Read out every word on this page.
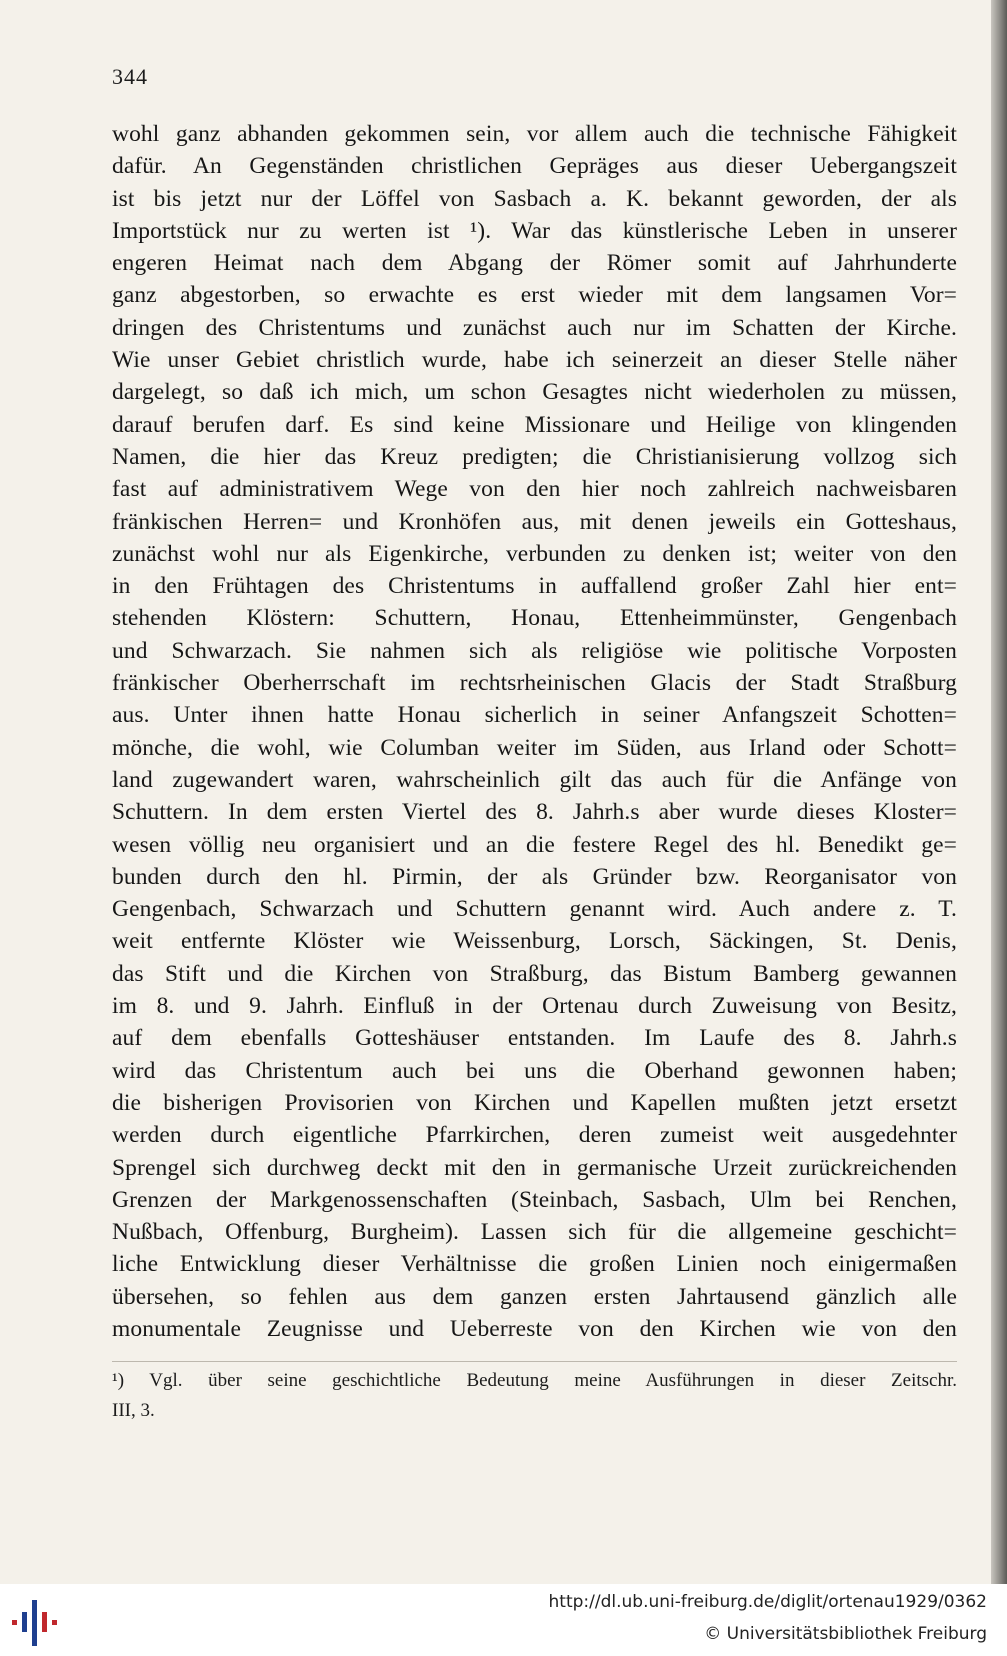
344
wohl ganz abhanden gekommen sein, vor allem auch die technische Fähigkeit
dafür. An Gegenständen christlichen Gepräges aus dieser Uebergangszeit
ist bis jetzt nur der Löffel von Sasbach a. K. bekannt geworden, der als
Importstück nur zu werten ist ¹). War das künstlerische Leben in unserer
engeren Heimat nach dem Abgang der Römer somit auf Jahrhunderte
ganz abgestorben, so erwachte es erst wieder mit dem langsamen Vor=
dringen des Christentums und zunächst auch nur im Schatten der Kirche.
Wie unser Gebiet christlich wurde, habe ich seinerzeit an dieser Stelle näher
dargelegt, so daß ich mich, um schon Gesagtes nicht wiederholen zu müssen,
darauf berufen darf. Es sind keine Missionare und Heilige von klingenden
Namen, die hier das Kreuz predigten; die Christianisierung vollzog sich
fast auf administrativem Wege von den hier noch zahlreich nachweisbaren
fränkischen Herren= und Kronhöfen aus, mit denen jeweils ein Gotteshaus,
zunächst wohl nur als Eigenkirche, verbunden zu denken ist; weiter von den
in den Frühtagen des Christentums in auffallend großer Zahl hier ent=
stehenden Klöstern: Schuttern, Honau, Ettenheimmünster, Gengenbach
und Schwarzach. Sie nahmen sich als religiöse wie politische Vorposten
fränkischer Oberherrschaft im rechtsrheinischen Glacis der Stadt Straßburg
aus. Unter ihnen hatte Honau sicherlich in seiner Anfangszeit Schotten=
mönche, die wohl, wie Columban weiter im Süden, aus Irland oder Schott=
land zugewandert waren, wahrscheinlich gilt das auch für die Anfänge von
Schuttern. In dem ersten Viertel des 8. Jahrh.s aber wurde dieses Kloster=
wesen völlig neu organisiert und an die festere Regel des hl. Benedikt ge=
bunden durch den hl. Pirmin, der als Gründer bzw. Reorganisator von
Gengenbach, Schwarzach und Schuttern genannt wird. Auch andere z. T.
weit entfernte Klöster wie Weissenburg, Lorsch, Säckingen, St. Denis,
das Stift und die Kirchen von Straßburg, das Bistum Bamberg gewannen
im 8. und 9. Jahrh. Einfluß in der Ortenau durch Zuweisung von Besitz,
auf dem ebenfalls Gotteshäuser entstanden. Im Laufe des 8. Jahrh.s
wird das Christentum auch bei uns die Oberhand gewonnen haben;
die bisherigen Provisorien von Kirchen und Kapellen mußten jetzt ersetzt
werden durch eigentliche Pfarrkirchen, deren zumeist weit ausgedehnter
Sprengel sich durchweg deckt mit den in germanische Urzeit zurückreichenden
Grenzen der Markgenossenschaften (Steinbach, Sasbach, Ulm bei Renchen,
Nußbach, Offenburg, Burgheim). Lassen sich für die allgemeine geschicht=
liche Entwicklung dieser Verhältnisse die großen Linien noch einigermaßen
übersehen, so fehlen aus dem ganzen ersten Jahrtausend gänzlich alle
monumentale Zeugnisse und Ueberreste von den Kirchen wie von den
¹) Vgl. über seine geschichtliche Bedeutung meine Ausführungen in dieser Zeitschr.
III, 3.
http://dl.ub.uni-freiburg.de/diglit/ortenau1929/0362
© Universitätsbibliothek Freiburg
